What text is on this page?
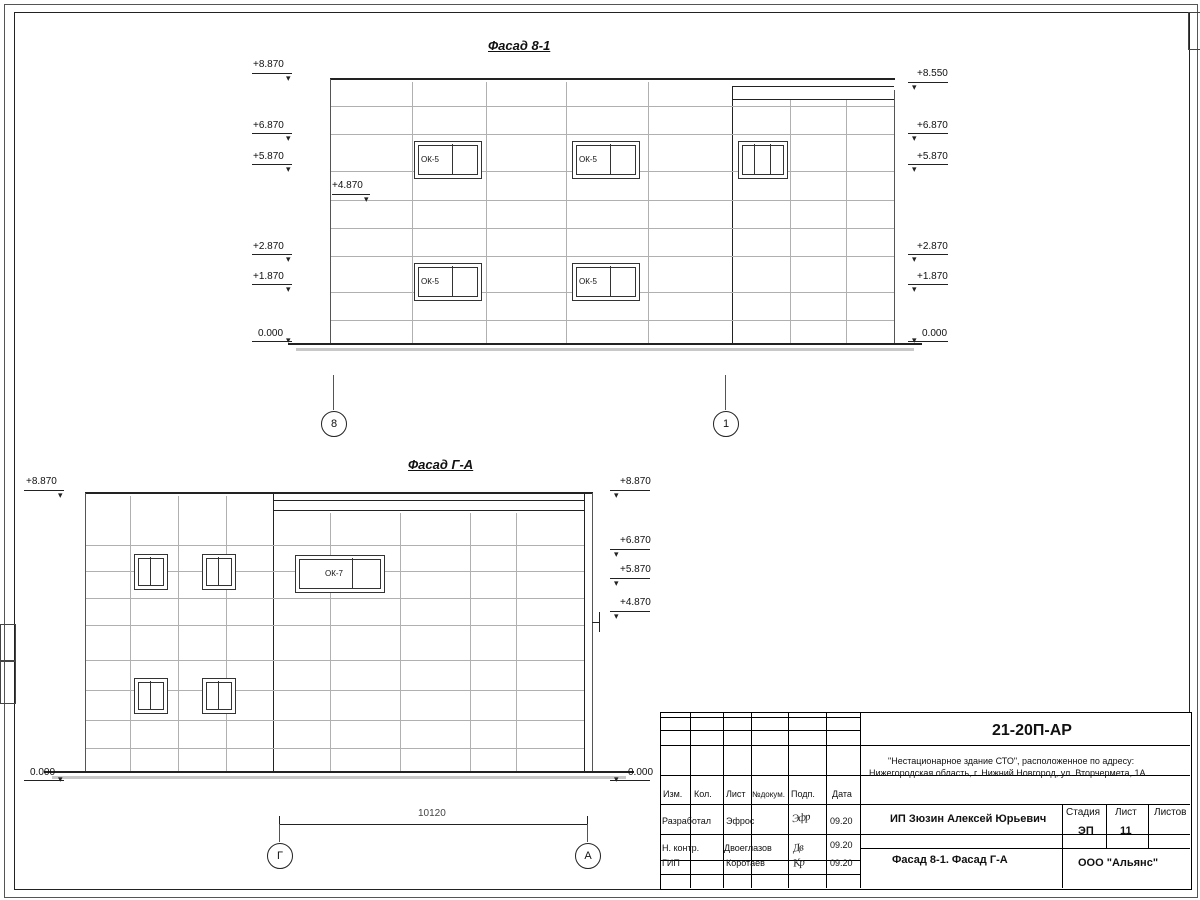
Фасад 8-1
ОК-5	ОК-5
ОК-5	ОК-5
+8.870
▾
+6.870
▾
+5.870
▾
+2.870
▾
+1.870
▾
0.000
▾
+4.870
▾
+8.550
▾
+6.870
▾
+5.870
▾
+2.870
▾
+1.870
▾
0.000
▾
8	1
Фасад Г-А
ОК-7
+8.870
▾
0.000
▾
+8.870
▾
+6.870
▾
+5.870
▾
+4.870
▾
0.000
▾
10120
Г	А
21-20П-АР
"Нестационарное здание СТО", расположенное по адресу:
Нижегородская область, г. Нижний Новгород, ул. Вторчермета, 1А
Изм. Кол. Лист №докум. Подп. Дата
Разработал Эфрос	Эфр 09.20
Н. контр.	Двоеглазов Дв	09.20
ГИП	Коротаев Кр	09.20
ИП Зюзин Алексей Юрьевич
Фасад 8-1. Фасад Г-А
Стадия Лист Листов
ЭП 11
ООО "Альянс"
